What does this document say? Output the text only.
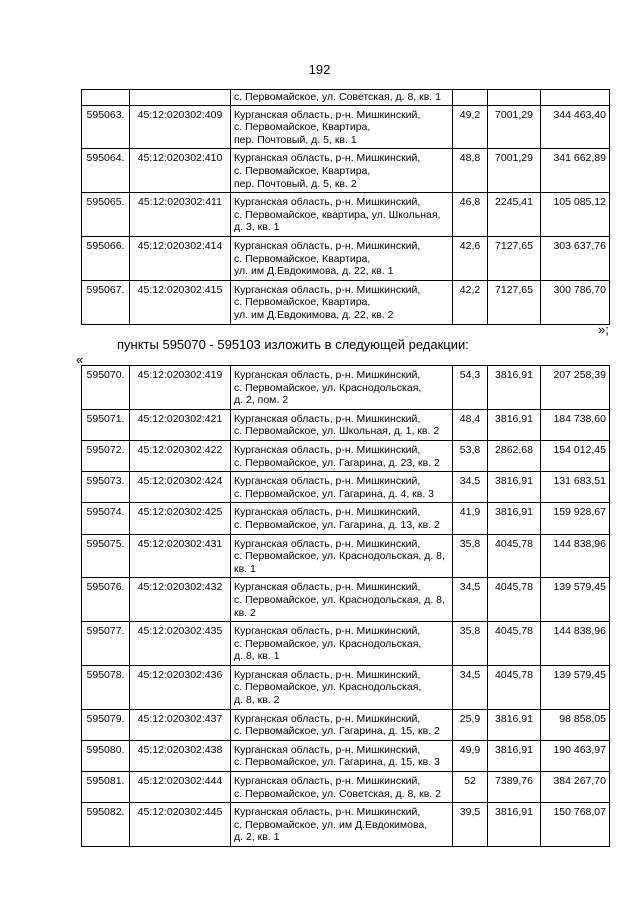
192
		с. Первомайское, ул. Советская, д. 8, кв. 1			
595063.	45:12:020302:409	Курганская область, р-н. Мишкинский,
с. Первомайское, Квартира,
пер. Почтовый, д. 5, кв. 1	49,2	7001,29	344 463,40
595064.	45:12:020302:410	Курганская область, р-н. Мишкинский,
с. Первомайское, Квартира,
пер. Почтовый, д. 5, кв. 2	48,8	7001,29	341 662,89
595065.	45:12:020302:411	Курганская область, р-н. Мишкинский,
с. Первомайское, квартира, ул. Школьная,
д. 3, кв. 1	46,8	2245,41	105 085,12
595066.	45:12:020302:414	Курганская область, р-н. Мишкинский,
с. Первомайское, Квартира,
ул. им Д.Евдокимова, д. 22, кв. 1	42,6	7127,65	303 637,76
595067.	45:12:020302:415	Курганская область, р-н. Мишкинский,
с. Первомайское, Квартира,
ул. им Д.Евдокимова, д. 22, кв. 2	42,2	7127,65	300 786,70
»;
пункты 595070 - 595103 изложить в следующей редакции:
«
595070.	45:12:020302:419	Курганская область, р-н. Мишкинский,
с. Первомайское, ул. Краснодольская,
д. 2, пом. 2	54,3	3816,91	207 258,39
595071.	45:12:020302:421	Курганская область, р-н. Мишкинский,
с. Первомайское, ул. Школьная, д. 1, кв. 2	48,4	3816,91	184 738,60
595072.	45:12:020302:422	Курганская область, р-н. Мишкинский,
с. Первомайское, ул. Гагарина, д. 23, кв. 2	53,8	2862,68	154 012,45
595073.	45:12:020302:424	Курганская область, р-н. Мишкинский,
с. Первомайское, ул. Гагарина, д. 4, кв. 3	34,5	3816,91	131 683,51
595074.	45:12:020302:425	Курганская область, р-н. Мишкинский,
с. Первомайское, ул. Гагарина, д. 13, кв. 2	41,9	3816,91	159 928,67
595075.	45:12:020302:431	Курганская область, р-н. Мишкинский,
с. Первомайское, ул. Краснодольская, д. 8,
кв. 1	35,8	4045,78	144 838,96
595076.	45:12:020302:432	Курганская область, р-н. Мишкинский,
с. Первомайское, ул. Краснодольская, д. 8,
кв. 2	34,5	4045,78	139 579,45
595077.	45:12:020302:435	Курганская область, р-н. Мишкинский,
с. Первомайское, ул. Краснодольская,
д. 8, кв. 1	35,8	4045,78	144 838,96
595078.	45:12:020302:436	Курганская область, р-н. Мишкинский,
с. Первомайское, ул. Краснодольская,
д. 8, кв. 2	34,5	4045,78	139 579,45
595079.	45:12:020302:437	Курганская область, р-н. Мишкинский,
с. Первомайское, ул. Гагарина, д. 15, кв. 2	25,9	3816,91	98 858,05
595080.	45:12:020302:438	Курганская область, р-н. Мишкинский,
с. Первомайское, ул. Гагарина, д. 15, кв. 3	49,9	3816,91	190 463,97
595081.	45:12:020302:444	Курганская область, р-н. Мишкинский,
с. Первомайское, ул. Советская, д. 8, кв. 2	52	7389,76	384 267,70
595082.	45:12:020302:445	Курганская область, р-н. Мишкинский,
с. Первомайское, ул. им Д.Евдокимова,
д. 2, кв. 1	39,5	3816,91	150 768,07
